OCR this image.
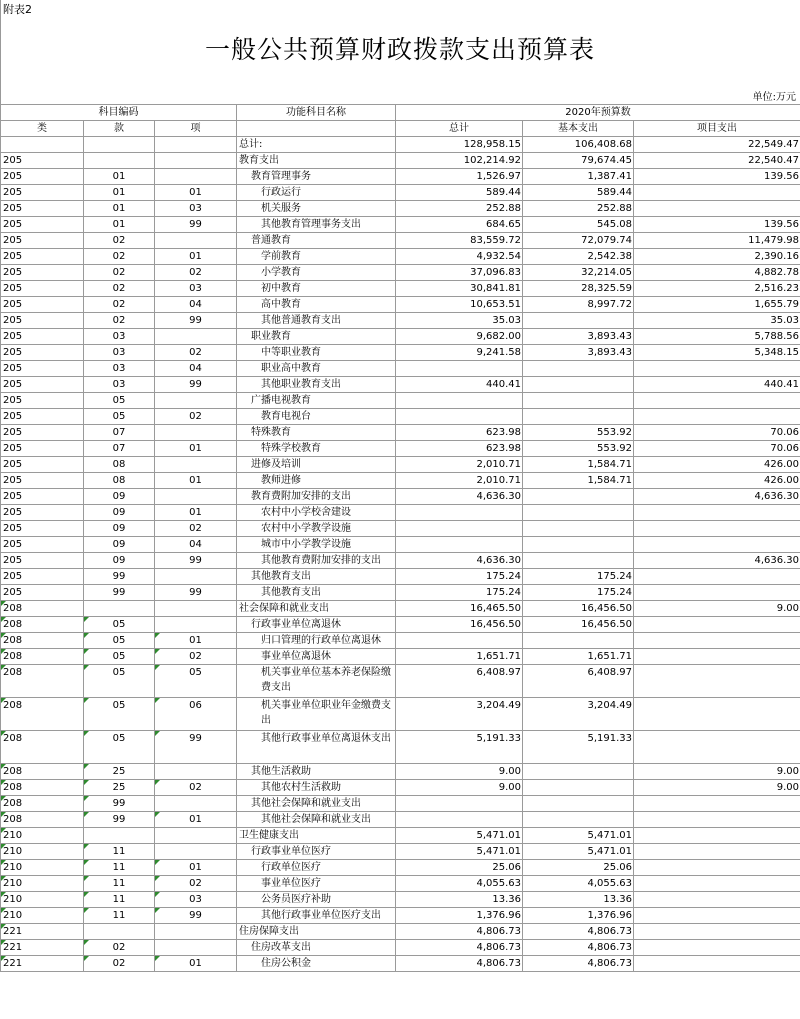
附表2
一般公共预算财政拨款支出预算表
单位:万元
科目编码			功能科目名称	2020年预算数		
类	款	项		总计	基本支出	项目支出
			总计:	128,958.15	106,408.68	22,549.47
205			教育支出	102,214.92	79,674.45	22,540.47
205	01		教育管理事务	1,526.97	1,387.41	139.56
205	01	01	行政运行	589.44	589.44	
205	01	03	机关服务	252.88	252.88	
205	01	99	其他教育管理事务支出	684.65	545.08	139.56
205	02		普通教育	83,559.72	72,079.74	11,479.98
205	02	01	学前教育	4,932.54	2,542.38	2,390.16
205	02	02	小学教育	37,096.83	32,214.05	4,882.78
205	02	03	初中教育	30,841.81	28,325.59	2,516.23
205	02	04	高中教育	10,653.51	8,997.72	1,655.79
205	02	99	其他普通教育支出	35.03		35.03
205	03		职业教育	9,682.00	3,893.43	5,788.56
205	03	02	中等职业教育	9,241.58	3,893.43	5,348.15
205	03	04	职业高中教育			
205	03	99	其他职业教育支出	440.41		440.41
205	05		广播电视教育			
205	05	02	教育电视台			
205	07		特殊教育	623.98	553.92	70.06
205	07	01	特殊学校教育	623.98	553.92	70.06
205	08		进修及培训	2,010.71	1,584.71	426.00
205	08	01	教师进修	2,010.71	1,584.71	426.00
205	09		教育费附加安排的支出	4,636.30		4,636.30
205	09	01	农村中小学校舍建设			
205	09	02	农村中小学教学设施			
205	09	04	城市中小学教学设施			
205	09	99	其他教育费附加安排的支出	4,636.30		4,636.30
205	99		其他教育支出	175.24	175.24	
205	99	99	其他教育支出	175.24	175.24	
208			社会保障和就业支出	16,465.50	16,456.50	9.00
208	05		行政事业单位离退休	16,456.50	16,456.50	
208	05	01	归口管理的行政单位离退休			
208	05	02	事业单位离退休	1,651.71	1,651.71	
208	05	05	机关事业单位基本养老保险缴费支出	6,408.97	6,408.97	
208	05	06	机关事业单位职业年金缴费支出	3,204.49	3,204.49	
208	05	99	其他行政事业单位离退休支出	5,191.33	5,191.33	
208	25		其他生活救助	9.00		9.00
208	25	02	其他农村生活救助	9.00		9.00
208	99		其他社会保障和就业支出			
208	99	01	其他社会保障和就业支出			
210			卫生健康支出	5,471.01	5,471.01	
210	11		行政事业单位医疗	5,471.01	5,471.01	
210	11	01	行政单位医疗	25.06	25.06	
210	11	02	事业单位医疗	4,055.63	4,055.63	
210	11	03	公务员医疗补助	13.36	13.36	
210	11	99	其他行政事业单位医疗支出	1,376.96	1,376.96	
221			住房保障支出	4,806.73	4,806.73	
221	02		住房改革支出	4,806.73	4,806.73	
221	02	01	住房公积金	4,806.73	4,806.73	
